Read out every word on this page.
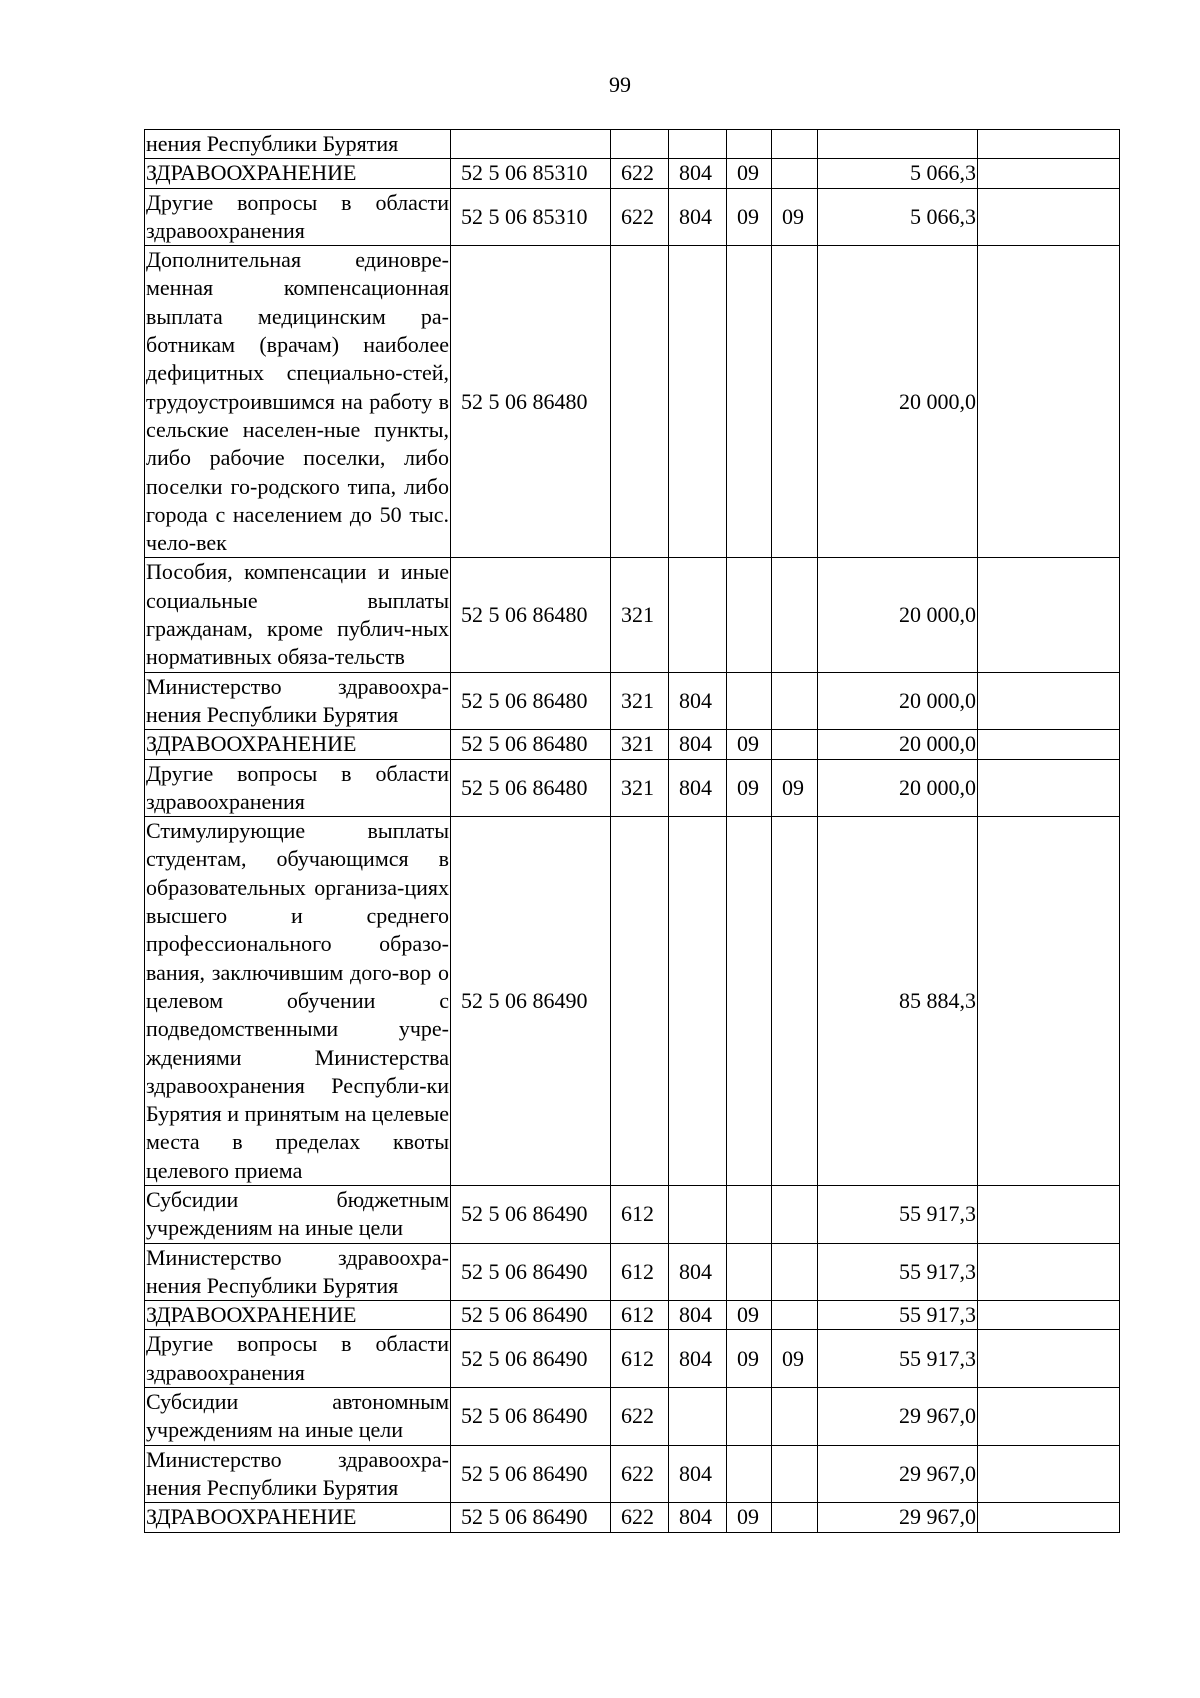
99
нения Республики Бурятия							
ЗДРАВООХРАНЕНИЕ	52 5 06 85310	622	804	09		5 066,3	
Другие вопросы в области здравоохранения	52 5 06 85310	622	804	09	09	5 066,3	
Дополнительная единовре-менная компенсационная выплата медицинским ра-ботникам (врачам) наиболее дефицитных специально-стей, трудоустроившимся на работу в сельские населен-ные пункты, либо рабочие поселки, либо поселки го-родского типа, либо города с населением до 50 тыс. чело-век	52 5 06 86480					20 000,0	
Пособия, компенсации и иные социальные выплаты гражданам, кроме публич-ных нормативных обяза-тельств	52 5 06 86480	321				20 000,0	
Министерство здравоохра-нения Республики Бурятия	52 5 06 86480	321	804			20 000,0	
ЗДРАВООХРАНЕНИЕ	52 5 06 86480	321	804	09		20 000,0	
Другие вопросы в области здравоохранения	52 5 06 86480	321	804	09	09	20 000,0	
Стимулирующие выплаты студентам, обучающимся в образовательных организа-циях высшего и среднего профессионального образо-вания, заключившим дого-вор о целевом обучении с подведомственными учре-ждениями Министерства здравоохранения Республи-ки Бурятия и принятым на целевые места в пределах квоты целевого приема	52 5 06 86490					85 884,3	
Субсидии бюджетным учреждениям на иные цели	52 5 06 86490	612				55 917,3	
Министерство здравоохра-нения Республики Бурятия	52 5 06 86490	612	804			55 917,3	
ЗДРАВООХРАНЕНИЕ	52 5 06 86490	612	804	09		55 917,3	
Другие вопросы в области здравоохранения	52 5 06 86490	612	804	09	09	55 917,3	
Субсидии автономным учреждениям на иные цели	52 5 06 86490	622				29 967,0	
Министерство здравоохра-нения Республики Бурятия	52 5 06 86490	622	804			29 967,0	
ЗДРАВООХРАНЕНИЕ	52 5 06 86490	622	804	09		29 967,0	
